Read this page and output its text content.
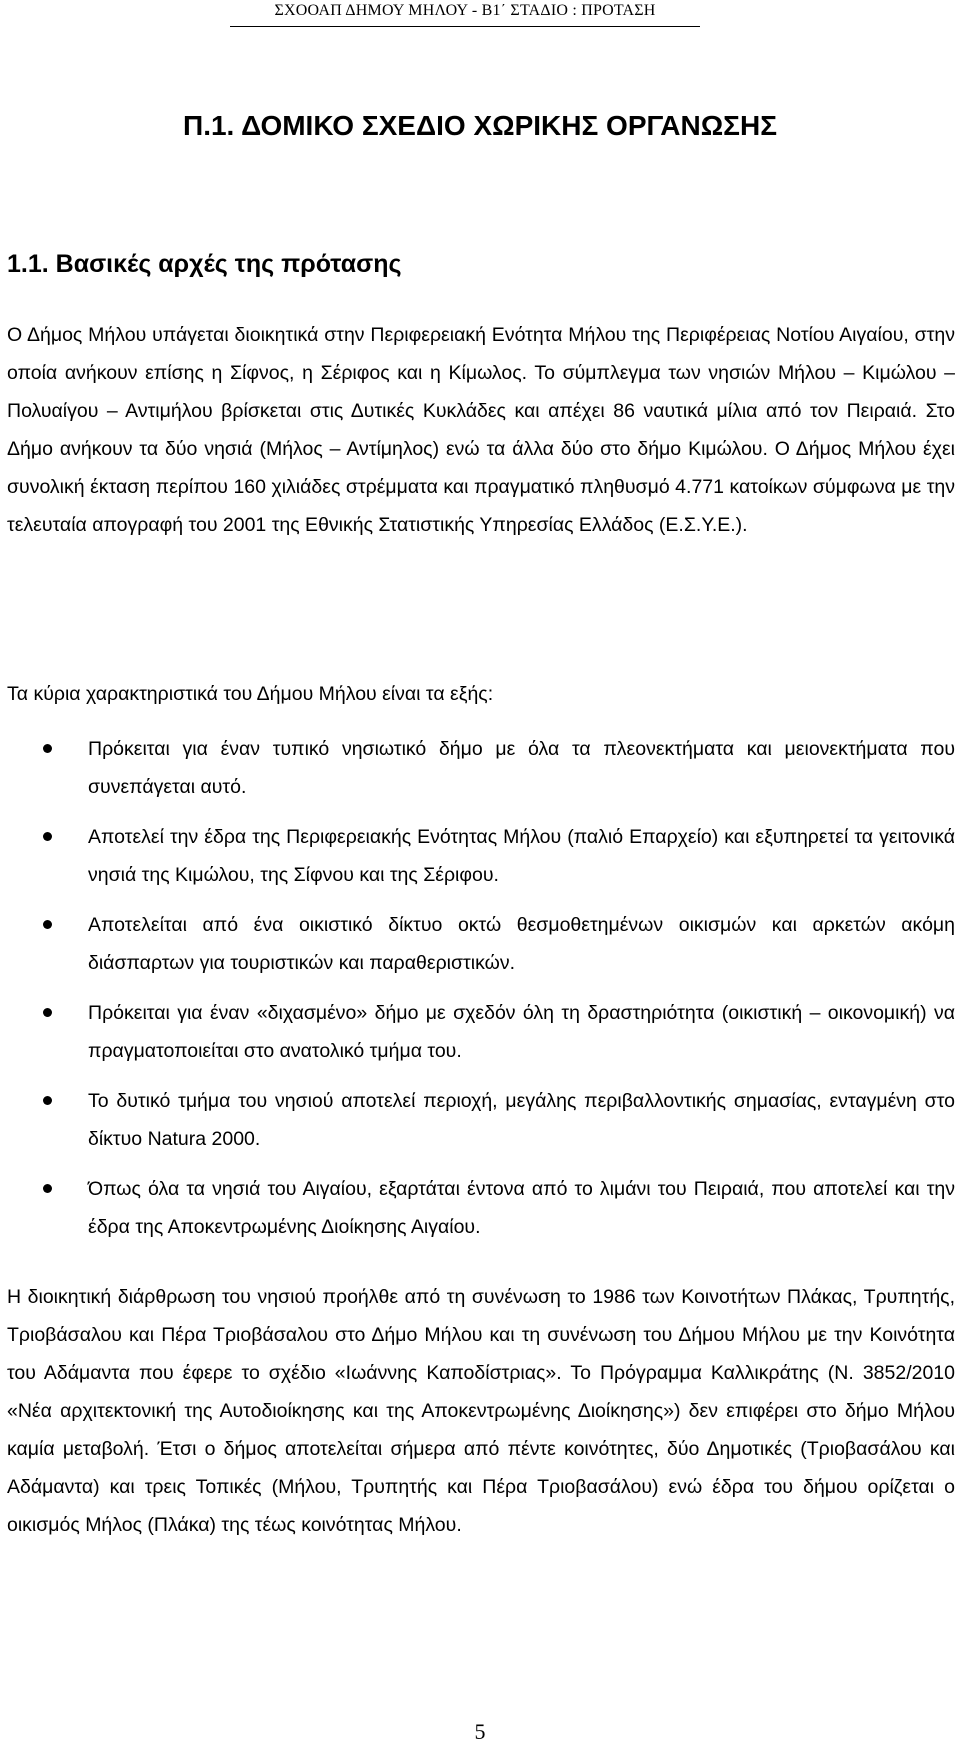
ΣΧΟΟΑΠ ΔΗΜΟΥ ΜΗΛΟΥ - Β1΄ ΣΤΑΔΙΟ : ΠΡΟΤΑΣΗ
Π.1. ΔΟΜΙΚΟ ΣΧΕΔΙΟ ΧΩΡΙΚΗΣ ΟΡΓΑΝΩΣΗΣ
1.1. Βασικές αρχές της πρότασης
Ο Δήμος Μήλου υπάγεται διοικητικά στην Περιφερειακή Ενότητα Μήλου της Περιφέρειας Νοτίου Αιγαίου, στην οποία ανήκουν επίσης η Σίφνος, η Σέριφος και η Κίμωλος. Το σύμπλεγμα των νησιών Μήλου – Κιμώλου – Πολυαίγου – Αντιμήλου βρίσκεται στις Δυτικές Κυκλάδες και απέχει 86 ναυτικά μίλια από τον Πειραιά. Στο Δήμο ανήκουν τα δύο νησιά (Μήλος – Αντίμηλος) ενώ τα άλλα δύο στο δήμο Κιμώλου. Ο Δήμος Μήλου έχει συνολική έκταση περίπου 160 χιλιάδες στρέμματα και πραγματικό πληθυσμό 4.771 κατοίκων σύμφωνα με την τελευταία απογραφή του 2001 της Εθνικής Στατιστικής Υπηρεσίας Ελλάδος (Ε.Σ.Υ.Ε.).
Τα κύρια χαρακτηριστικά του Δήμου Μήλου είναι τα εξής:
Πρόκειται για έναν τυπικό νησιωτικό δήμο με όλα τα πλεονεκτήματα και μειονεκτήματα που συνεπάγεται αυτό.
Αποτελεί την έδρα της Περιφερειακής Ενότητας Μήλου (παλιό Επαρχείο) και εξυπηρετεί τα γειτονικά νησιά της Κιμώλου, της Σίφνου και της Σέριφου.
Αποτελείται από ένα οικιστικό δίκτυο οκτώ θεσμοθετημένων οικισμών και αρκετών ακόμη διάσπαρτων για τουριστικών και παραθεριστικών.
Πρόκειται για έναν «διχασμένο» δήμο με σχεδόν όλη τη δραστηριότητα (οικιστική – οικονομική) να πραγματοποιείται στο ανατολικό τμήμα του.
Το δυτικό τμήμα του νησιού αποτελεί περιοχή, μεγάλης περιβαλλοντικής σημασίας, ενταγμένη στο δίκτυο Natura 2000.
Όπως όλα τα νησιά του Αιγαίου, εξαρτάται έντονα από το λιμάνι του Πειραιά, που αποτελεί και την έδρα της Αποκεντρωμένης Διοίκησης Αιγαίου.
Η διοικητική διάρθρωση του νησιού προήλθε από τη συνένωση το 1986 των Κοινοτήτων Πλάκας, Τρυπητής, Τριοβάσαλου και Πέρα Τριοβάσαλου στο Δήμο Μήλου και τη συνένωση του Δήμου Μήλου με την Κοινότητα του Αδάμαντα που έφερε το σχέδιο «Ιωάννης Καποδίστριας». Το Πρόγραμμα Καλλικράτης (Ν. 3852/2010 «Νέα αρχιτεκτονική της Αυτοδιοίκησης και της Αποκεντρωμένης Διοίκησης») δεν επιφέρει στο δήμο Μήλου καμία μεταβολή. Έτσι ο δήμος αποτελείται σήμερα από πέντε κοινότητες, δύο Δημοτικές (Τριοβασάλου και Αδάμαντα) και τρεις Τοπικές (Μήλου, Τρυπητής και Πέρα Τριοβασάλου) ενώ έδρα του δήμου ορίζεται ο οικισμός Μήλος (Πλάκα) της τέως κοινότητας Μήλου.
5
